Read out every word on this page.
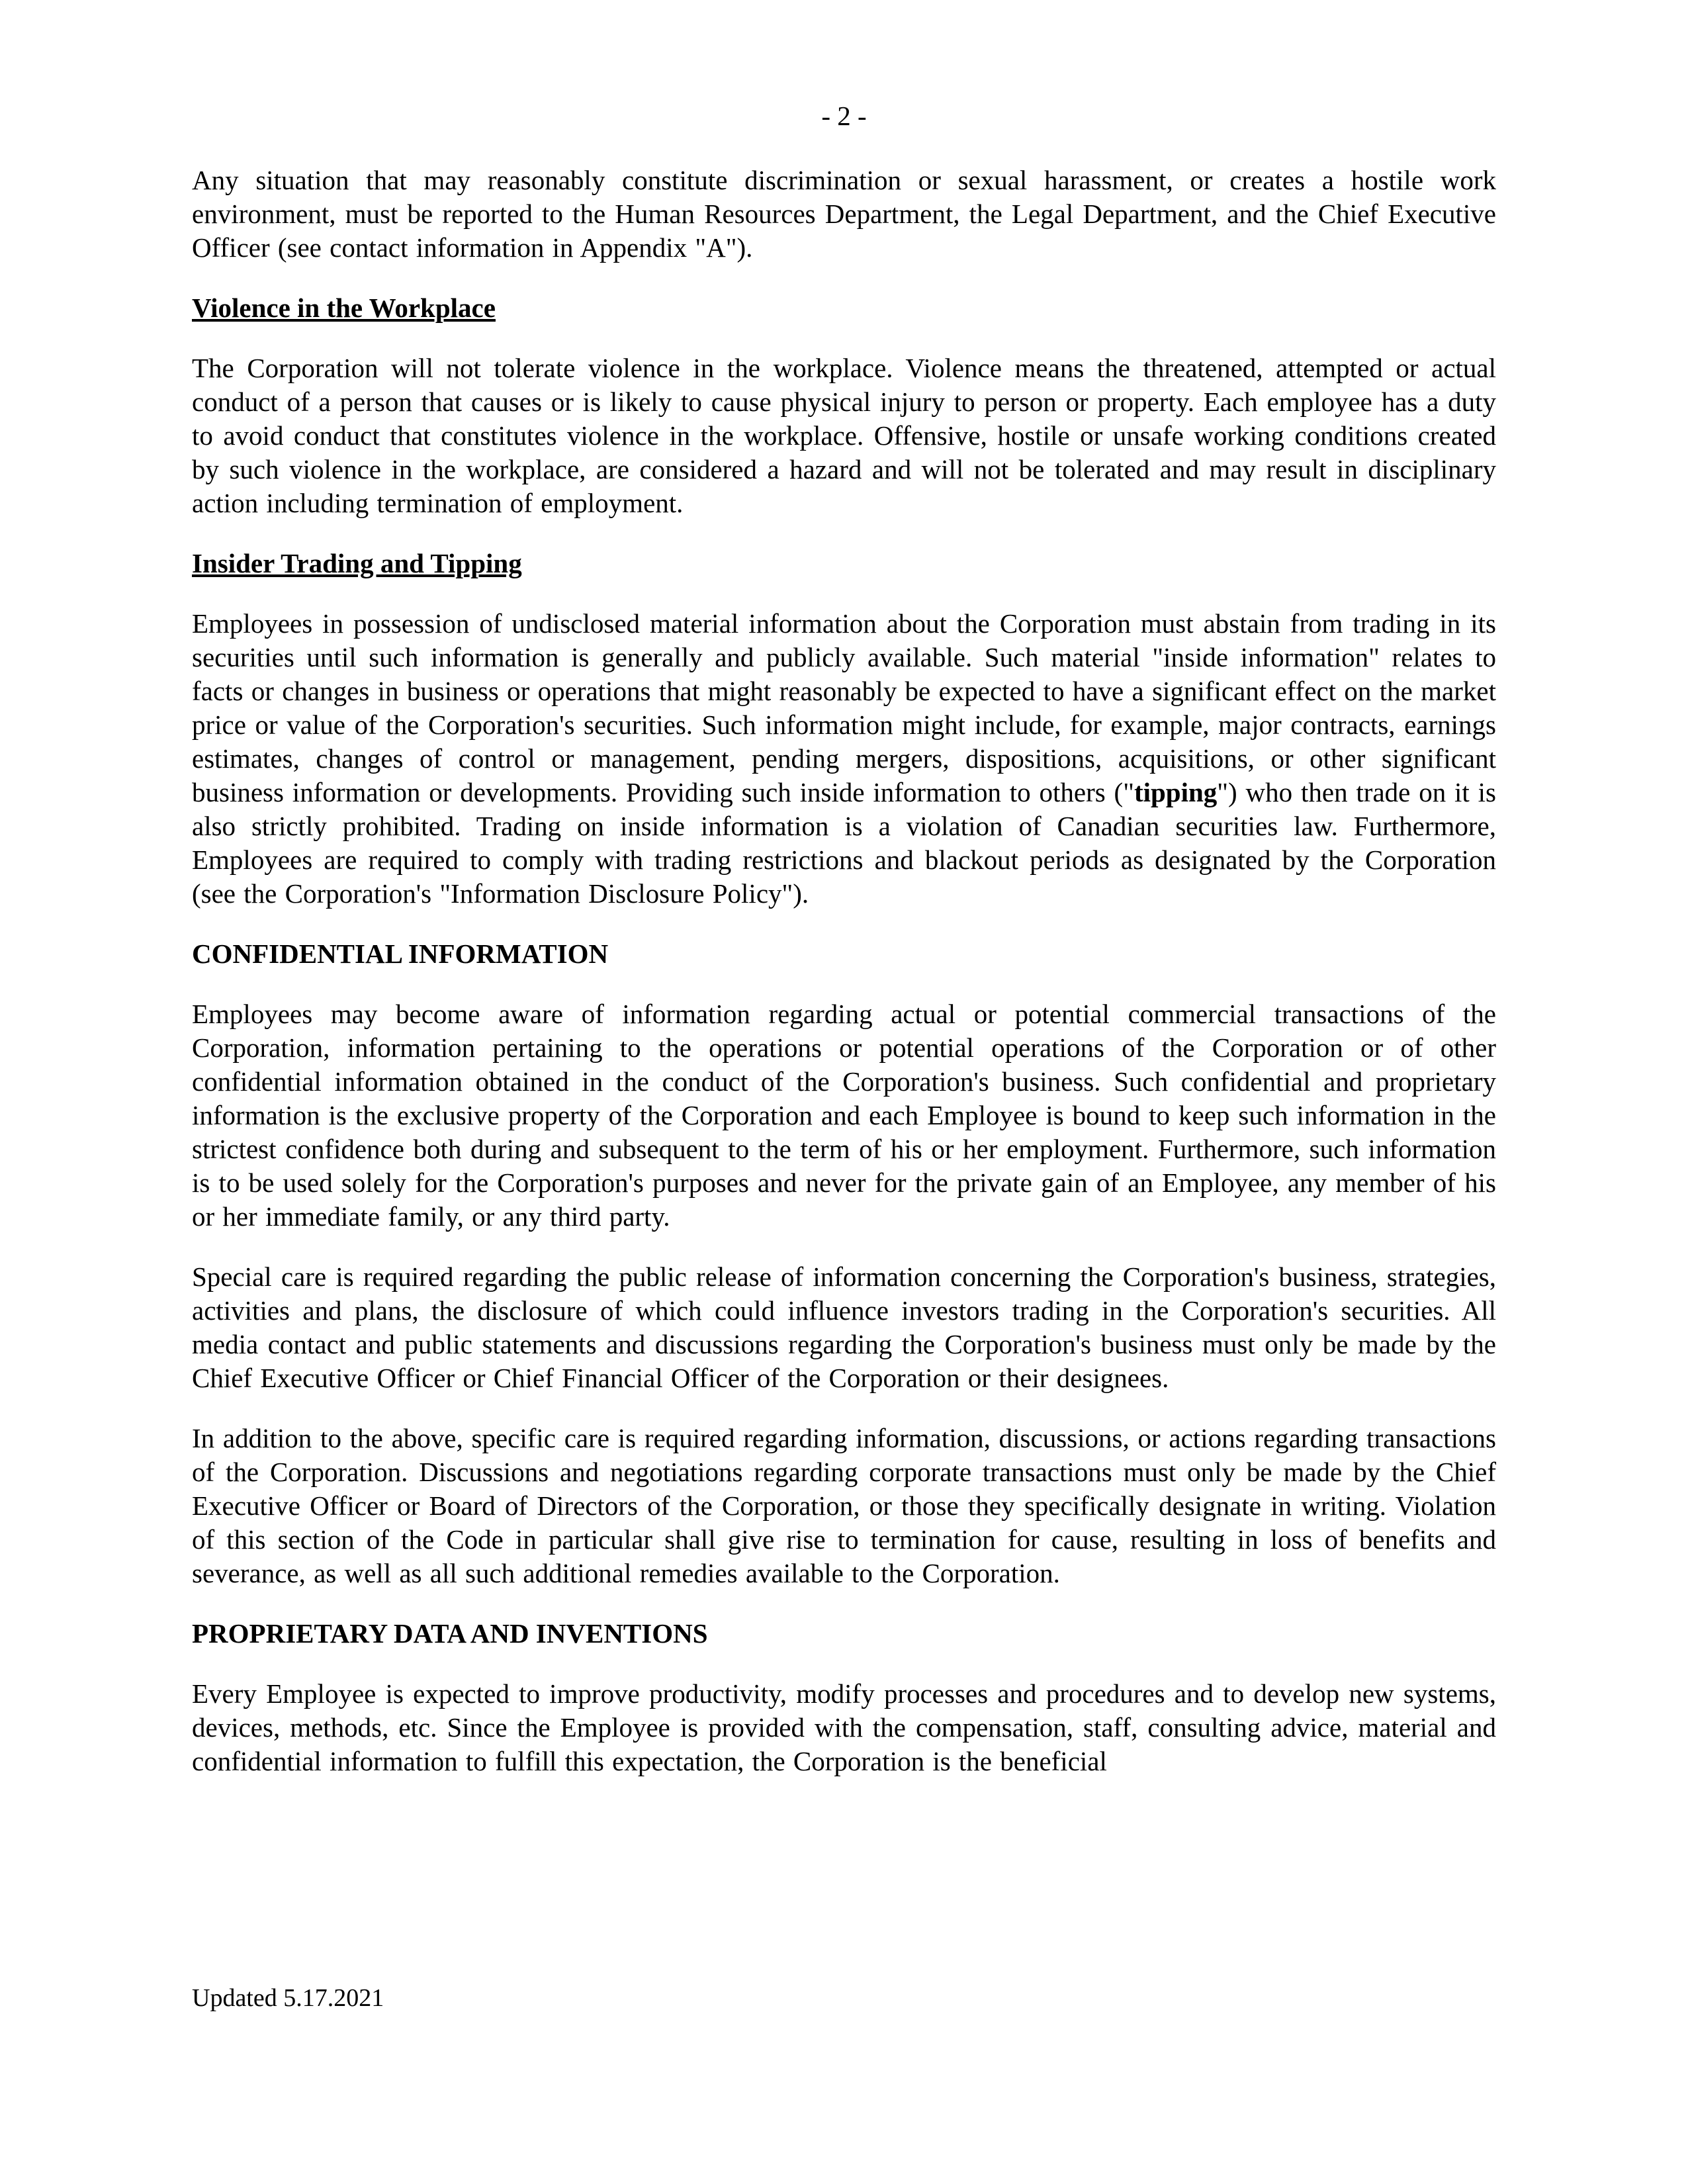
- 2 -

Any situation that may reasonably constitute discrimination or sexual harassment, or creates a hostile work environment, must be reported to the Human Resources Department, the Legal Department, and the Chief Executive Officer (see contact information in Appendix "A").

Violence in the Workplace

The Corporation will not tolerate violence in the workplace. Violence means the threatened, attempted or actual conduct of a person that causes or is likely to cause physical injury to person or property. Each employee has a duty to avoid conduct that constitutes violence in the workplace. Offensive, hostile or unsafe working conditions created by such violence in the workplace, are considered a hazard and will not be tolerated and may result in disciplinary action including termination of employment.

Insider Trading and Tipping

Employees in possession of undisclosed material information about the Corporation must abstain from trading in its securities until such information is generally and publicly available. Such material "inside information" relates to facts or changes in business or operations that might reasonably be expected to have a significant effect on the market price or value of the Corporation's securities. Such information might include, for example, major contracts, earnings estimates, changes of control or management, pending mergers, dispositions, acquisitions, or other significant business information or developments. Providing such inside information to others ("tipping") who then trade on it is also strictly prohibited. Trading on inside information is a violation of Canadian securities law. Furthermore, Employees are required to comply with trading restrictions and blackout periods as designated by the Corporation (see the Corporation's "Information Disclosure Policy").

CONFIDENTIAL INFORMATION

Employees may become aware of information regarding actual or potential commercial transactions of the Corporation, information pertaining to the operations or potential operations of the Corporation or of other confidential information obtained in the conduct of the Corporation's business. Such confidential and proprietary information is the exclusive property of the Corporation and each Employee is bound to keep such information in the strictest confidence both during and subsequent to the term of his or her employment. Furthermore, such information is to be used solely for the Corporation's purposes and never for the private gain of an Employee, any member of his or her immediate family, or any third party.

Special care is required regarding the public release of information concerning the Corporation's business, strategies, activities and plans, the disclosure of which could influence investors trading in the Corporation's securities. All media contact and public statements and discussions regarding the Corporation's business must only be made by the Chief Executive Officer or Chief Financial Officer of the Corporation or their designees.

In addition to the above, specific care is required regarding information, discussions, or actions regarding transactions of the Corporation. Discussions and negotiations regarding corporate transactions must only be made by the Chief Executive Officer or Board of Directors of the Corporation, or those they specifically designate in writing. Violation of this section of the Code in particular shall give rise to termination for cause, resulting in loss of benefits and severance, as well as all such additional remedies available to the Corporation.

PROPRIETARY DATA AND INVENTIONS

Every Employee is expected to improve productivity, modify processes and procedures and to develop new systems, devices, methods, etc. Since the Employee is provided with the compensation, staff, consulting advice, material and confidential information to fulfill this expectation, the Corporation is the beneficial

Updated 5.17.2021
